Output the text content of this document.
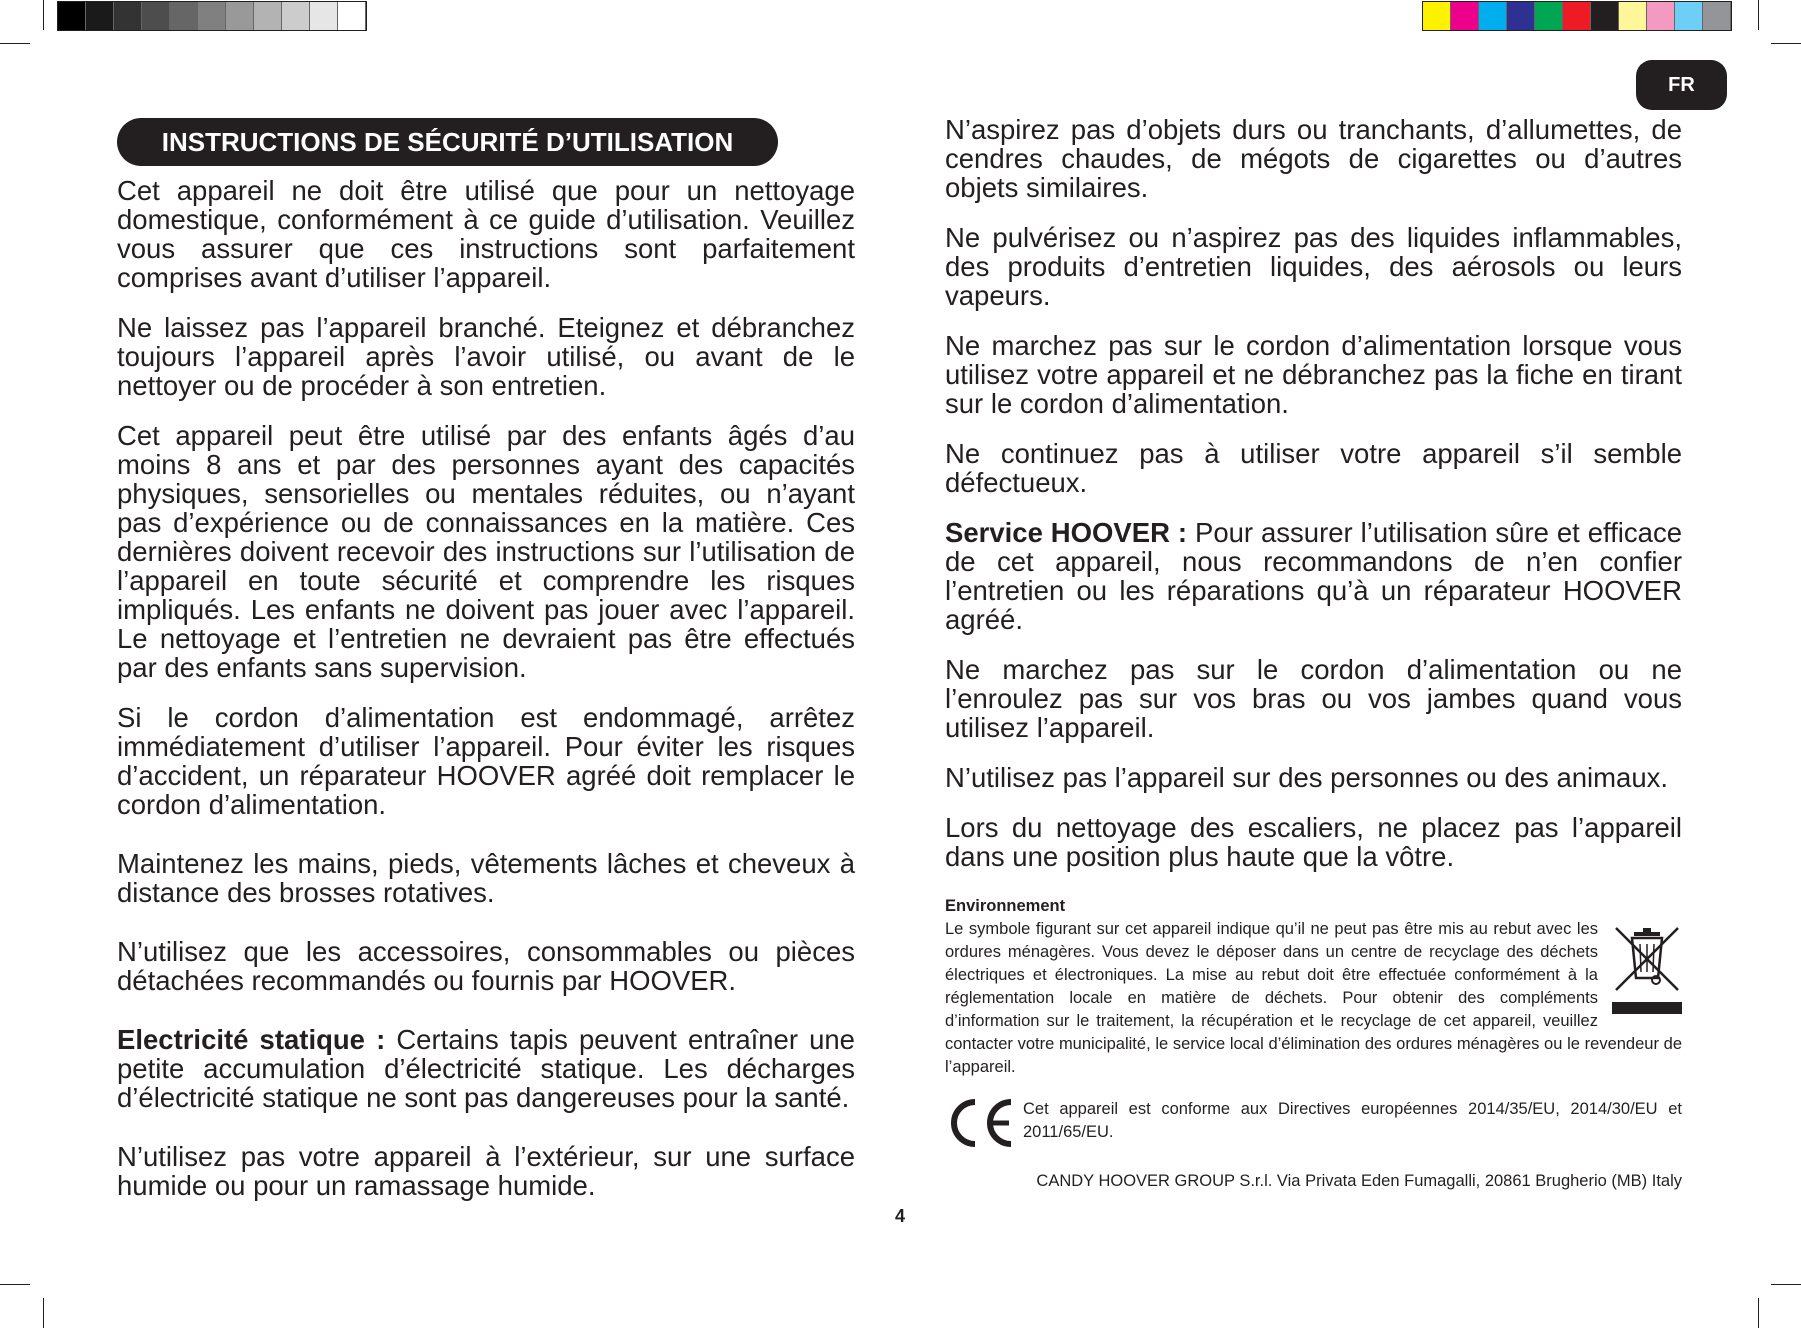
FR
INSTRUCTIONS DE SÉCURITÉ D’UTILISATION

Cet appareil ne doit être utilisé que pour un nettoyage domestique, conformément à ce guide d’utilisation. Veuillez vous assurer que ces instructions sont parfaitement comprises avant d’utiliser l’appareil.

Ne laissez pas l’appareil branché. Eteignez et débranchez toujours l’appareil après l’avoir utilisé, ou avant de le nettoyer ou de procéder à son entretien.

Cet appareil peut être utilisé par des enfants âgés d’au moins 8 ans et par des personnes ayant des capacités physiques, sensorielles ou mentales réduites, ou n’ayant pas d’expérience ou de connaissances en la matière. Ces dernières doivent recevoir des instructions sur l’utilisation de l’appareil en toute sécurité et comprendre les risques impliqués. Les enfants ne doivent pas jouer avec l’appareil. Le nettoyage et l’entretien ne devraient pas être effectués par des enfants sans supervision.

Si le cordon d’alimentation est endommagé, arrêtez immédiatement d’utiliser l’appareil. Pour éviter les risques d’accident, un réparateur HOOVER agréé doit remplacer le cordon d’alimentation.

Maintenez les mains, pieds, vêtements lâches et cheveux à distance des brosses rotatives.

N’utilisez que les accessoires, consommables ou pièces détachées recommandés ou fournis par HOOVER.

Electricité statique : Certains tapis peuvent entraîner une petite accumulation d’électricité statique. Les décharges d’électricité statique ne sont pas dangereuses pour la santé.

N’utilisez pas votre appareil à l’extérieur, sur une surface humide ou pour un ramassage humide.

N’aspirez pas d’objets durs ou tranchants, d’allumettes, de cendres chaudes, de mégots de cigarettes ou d’autres objets similaires.

Ne pulvérisez ou n’aspirez pas des liquides inflammables, des produits d’entretien liquides, des aérosols ou leurs vapeurs.

Ne marchez pas sur le cordon d’alimentation lorsque vous utilisez votre appareil et ne débranchez pas la fiche en tirant sur le cordon d’alimentation.

Ne continuez pas à utiliser votre appareil s’il semble défectueux.

Service HOOVER : Pour assurer l’utilisation sûre et efficace de cet appareil, nous recommandons de n’en confier l’entretien ou les réparations qu’à un réparateur HOOVER agréé.

Ne marchez pas sur le cordon d’alimentation ou ne l’enroulez pas sur vos bras ou vos jambes quand vous utilisez l’appareil.

N’utilisez pas l’appareil sur des personnes ou des animaux.

Lors du nettoyage des escaliers, ne placez pas l’appareil dans une position plus haute que la vôtre.

Environnement

Le symbole figurant sur cet appareil indique qu’il ne peut pas être mis au rebut avec les ordures ménagères. Vous devez le déposer dans un centre de recyclage des déchets électriques et électroniques. La mise au rebut doit être effectuée conformément à la réglementation locale en matière de déchets. Pour obtenir des compléments d’information sur le traitement, la récupération et le recyclage de cet appareil, veuillez contacter votre municipalité, le service local d’élimination des ordures ménagères ou le revendeur de l’appareil.

Cet appareil est conforme aux Directives européennes 2014/35/EU, 2014/30/EU et 2011/65/EU.
CANDY HOOVER GROUP S.r.l. Via Privata Eden Fumagalli, 20861 Brugherio (MB) Italy
4
